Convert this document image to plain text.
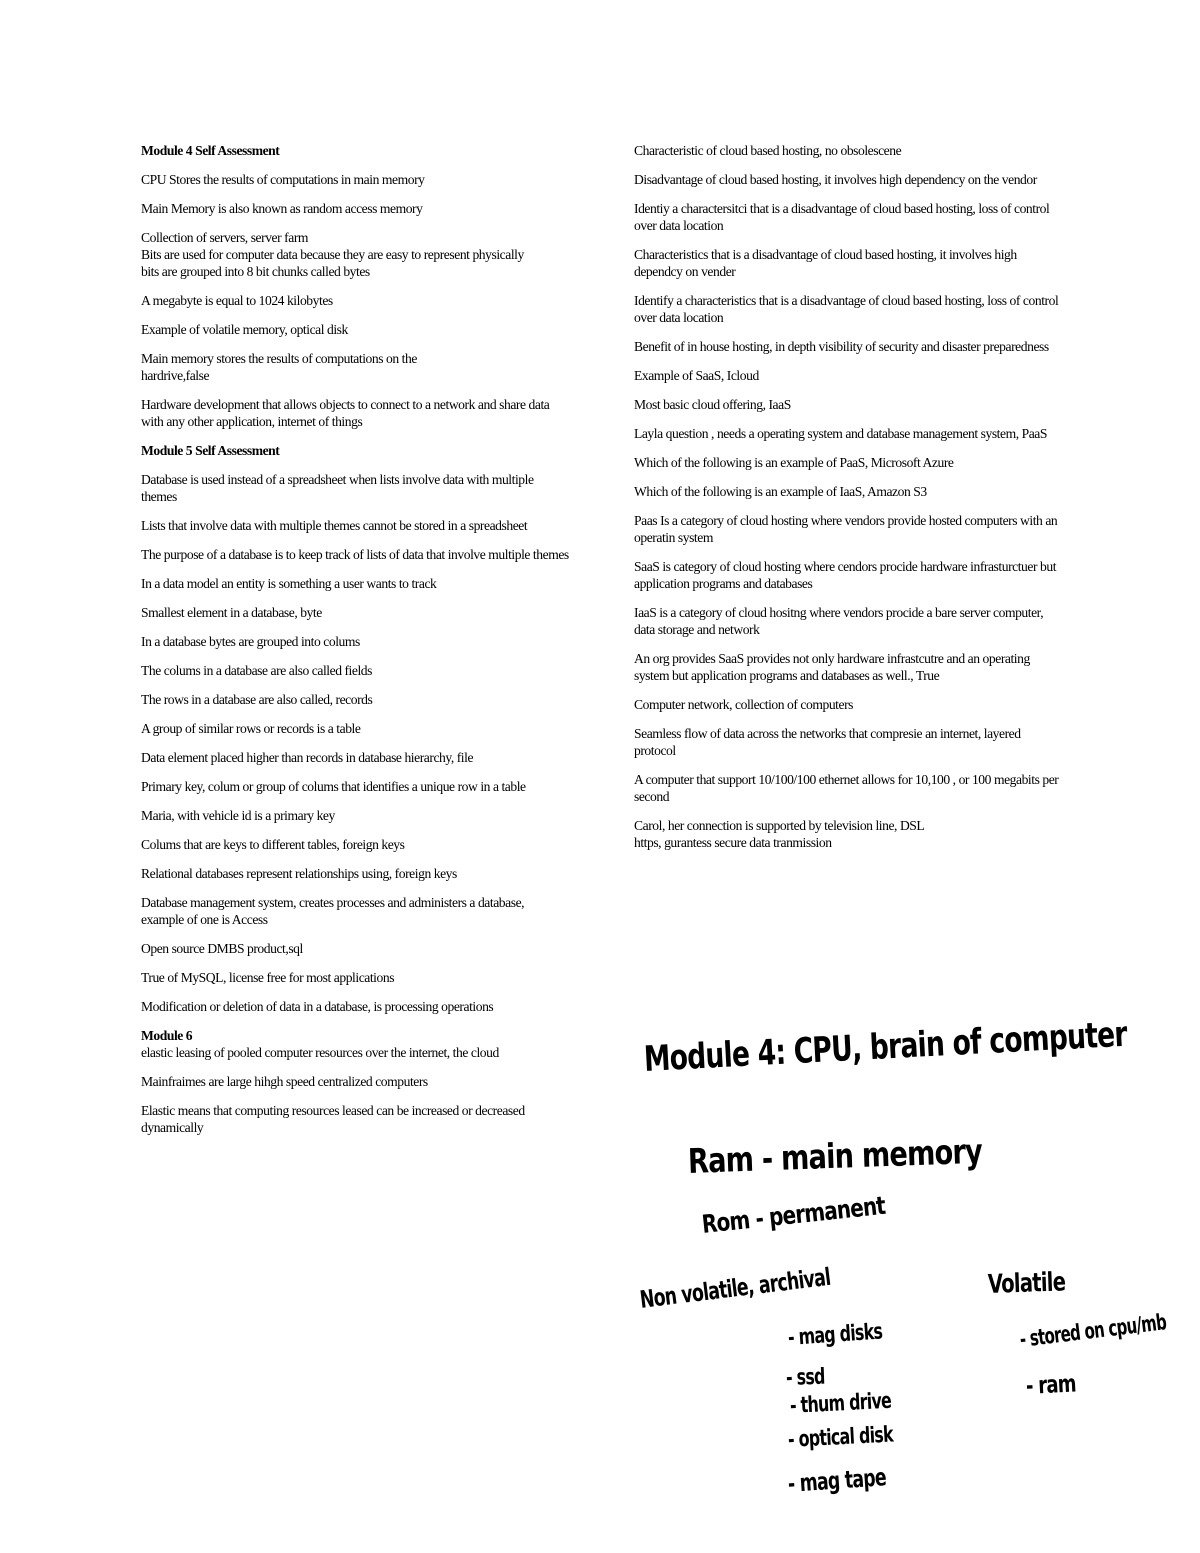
Module 4 Self Assessment

CPU Stores the results of computations in main memory

Main Memory is also known as random access memory

Collection of servers, server farm

Bits are used for computer data because they are easy to represent physically

bits are grouped into 8 bit chunks called bytes

A megabyte is equal to 1024 kilobytes

Example of volatile memory, optical disk

Main memory stores the results of computations on the
hardrive,false

Hardware development that allows objects to connect to a network and share data with any other application, internet of things

Module 5 Self Assessment

Database is used instead of a spreadsheet when lists involve data with multiple themes

Lists that involve data with multiple themes cannot be stored in a spreadsheet

The purpose of a database is to keep track of lists of data that involve multiple themes

In a data model an entity is something a user wants to track

Smallest element in a database, byte

In a database bytes are grouped into colums

The colums in a database are also called fields

The rows in a database are also called, records

A group of similar rows or records is a table

Data element placed higher than records in database hierarchy, file

Primary key, colum or group of colums that identifies a unique row in a table

Maria, with vehicle id is a primary key

Colums that are keys to different tables, foreign keys

Relational databases represent relationships using, foreign keys

Database management system, creates processes and administers a database, example of one is Access

Open source DMBS product,sql

True of MySQL, license free for most applications

Modification or deletion of data in a database, is processing operations

Module 6

elastic leasing of pooled computer resources over the internet, the cloud

Mainfraimes are large hihgh speed centralized computers

Elastic means that computing resources leased can be increased or decreased dynamically

Characteristic of cloud based hosting, no obsolescene

Disadvantage of cloud based hosting, it involves high dependency on the vendor

Identiy a charactersitci that is a disadvantage of cloud based hosting, loss of control over data location

Characteristics that is a disadvantage of cloud based hosting, it involves high dependcy on vender

Identify a characteristics that is a disadvantage of cloud based hosting, loss of control over data location

Benefit of in house hosting, in depth visibility of security and disaster preparedness

Example of SaaS, Icloud

Most basic cloud offering, IaaS

Layla question , needs a operating system and database management system, PaaS

Which of the following is an example of PaaS, Microsoft Azure

Which of the following is an example of IaaS, Amazon S3

Paas Is a category of cloud hosting where vendors provide hosted computers with an operatin system

SaaS is category of cloud hosting where cendors procide hardware infrasturctuer but application programs and databases

IaaS is a category of cloud hositng where vendors procide a bare server computer, data storage and network

An org provides SaaS provides not only hardware infrastcutre and an operating system but application programs and databases as well., True

Computer network, collection of computers

Seamless flow of data across the networks that compresie an internet, layered protocol

A computer that support 10/100/100 ethernet allows for 10,100 , or 100 megabits per second

Carol, her connection is supported by television line, DSL

https, gurantess secure data tranmission

Module 4: CPU, brain of computer
Ram - main memory
Rom - permanent
Non volatile, archival	Volatile
- mag disks
- ssd
- thum drive
- optical disk
- mag tape
- stored on cpu/mb
- ram
